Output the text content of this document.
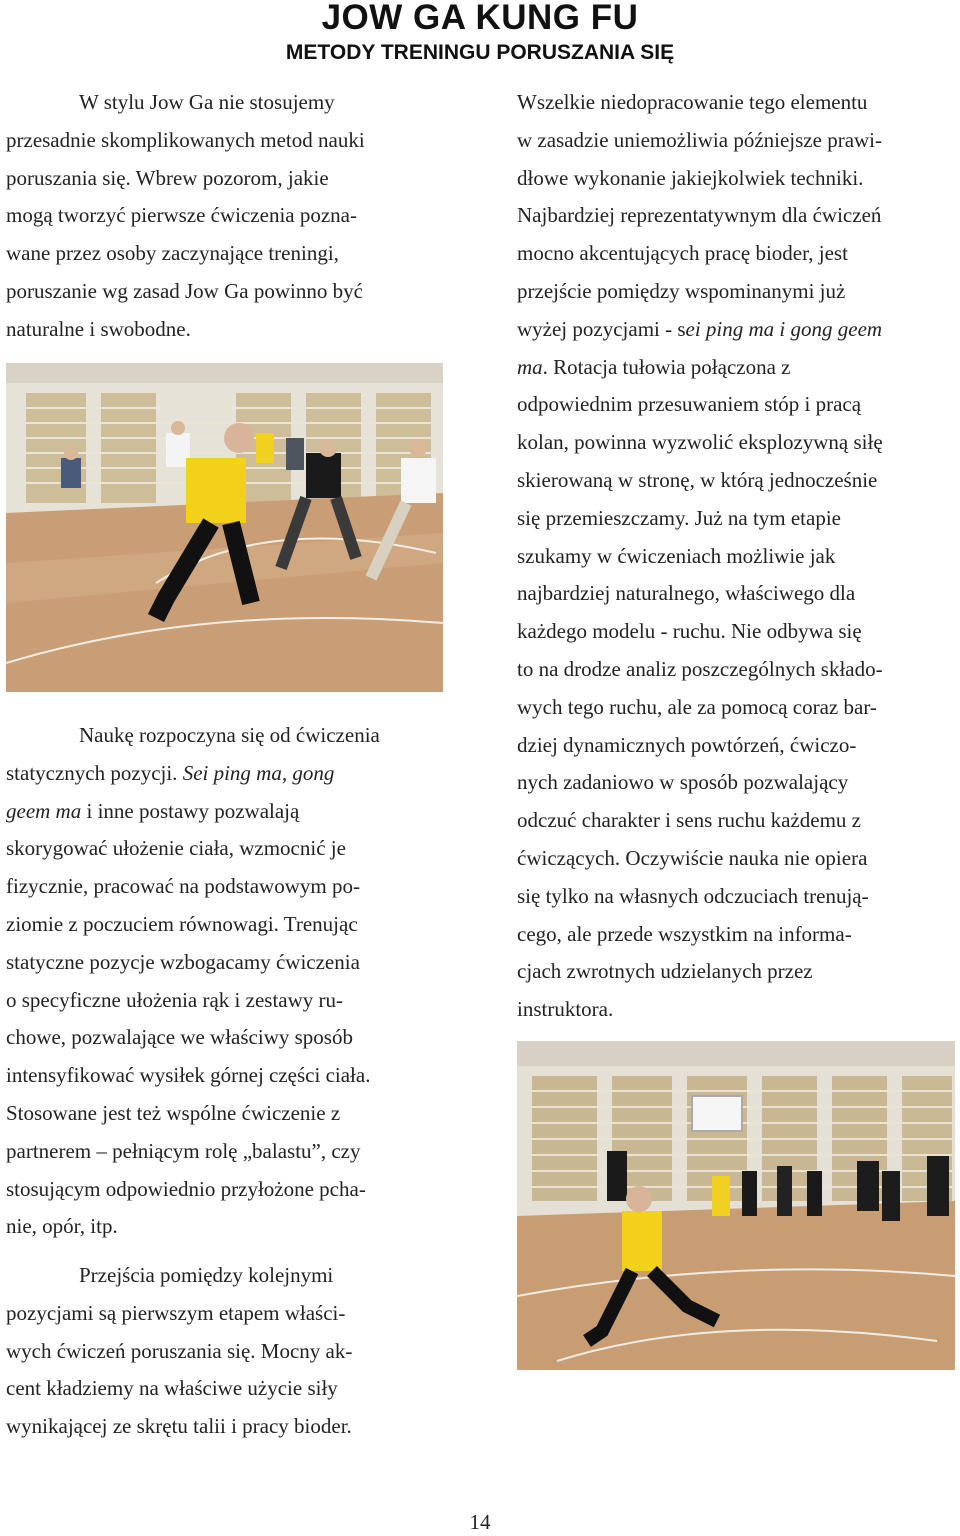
JOW GA KUNG FU
METODY TRENINGU PORUSZANIA SIĘ

W stylu Jow Ga nie stosujemy

przesadnie skomplikowanych metod nauki

poruszania się. Wbrew pozorom, jakie

mogą tworzyć pierwsze ćwiczenia pozna-

wane przez osoby zaczynające treningi,

poruszanie wg zasad Jow Ga powinno być

naturalne i swobodne.

Naukę rozpoczyna się od ćwiczenia

statycznych pozycji. Sei ping ma, gong

geem ma i inne postawy pozwalają

skorygować ułożenie ciała, wzmocnić je

fizycznie, pracować na podstawowym po-

ziomie z poczuciem równowagi. Trenując

statyczne pozycje wzbogacamy ćwiczenia

o specyficzne ułożenia rąk i zestawy ru-

chowe, pozwalające we właściwy sposób

intensyfikować wysiłek górnej części ciała.

Stosowane jest też wspólne ćwiczenie z

partnerem – pełniącym rolę „balastu”, czy

stosującym odpowiednio przyłożone pcha-

nie, opór, itp.

Przejścia pomiędzy kolejnymi

pozycjami są pierwszym etapem właści-

wych ćwiczeń poruszania się. Mocny ak-

cent kładziemy na właściwe użycie siły

wynikającej ze skrętu talii i pracy bioder.

Wszelkie niedopracowanie tego elementu

w zasadzie uniemożliwia późniejsze prawi-

dłowe wykonanie jakiejkolwiek techniki.

Najbardziej reprezentatywnym dla ćwiczeń

mocno akcentujących pracę bioder, jest

przejście pomiędzy wspominanymi już

wyżej pozycjami - sei ping ma i gong geem

ma. Rotacja tułowia połączona z

odpowiednim przesuwaniem stóp i pracą

kolan, powinna wyzwolić eksplozywną siłę

skierowaną w stronę, w którą jednocześnie

się przemieszczamy. Już na tym etapie

szukamy w ćwiczeniach możliwie jak

najbardziej naturalnego, właściwego dla

każdego modelu - ruchu. Nie odbywa się

to na drodze analiz poszczególnych składo-

wych tego ruchu, ale za pomocą coraz bar-

dziej dynamicznych powtórzeń, ćwiczo-

nych zadaniowo w sposób pozwalający

odczuć charakter i sens ruchu każdemu z

ćwiczących. Oczywiście nauka nie opiera

się tylko na własnych odczuciach trenują-

cego, ale przede wszystkim na informa-

cjach zwrotnych udzielanych przez

instruktora.

14
